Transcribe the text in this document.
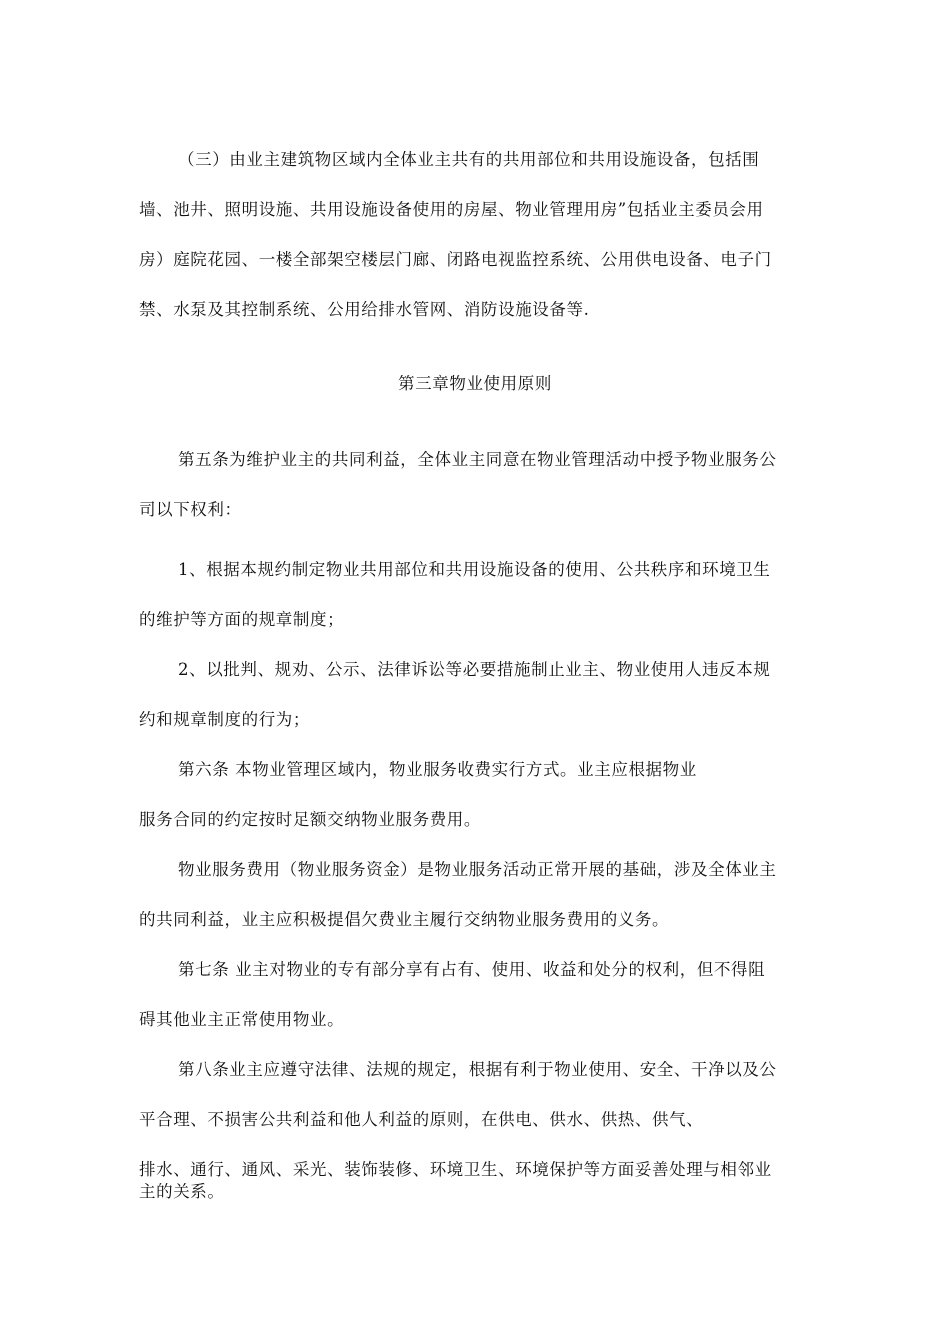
（三）由业主建筑物区域内全体业主共有的共用部位和共用设施设备，包括围
墙、池井、照明设施、共用设施设备使用的房屋、物业管理用房”包括业主委员会用
房）庭院花园、一楼全部架空楼层门廊、闭路电视监控系统、公用供电设备、电子门
禁、水泵及其控制系统、公用给排水管网、消防设施设备等.
第三章物业使用原则
第五条为维护业主的共同利益，全体业主同意在物业管理活动中授予物业服务公
司以下权利：
1、根据本规约制定物业共用部位和共用设施设备的使用、公共秩序和环境卫生
的维护等方面的规章制度；
2、以批判、规劝、公示、法律诉讼等必要措施制止业主、物业使用人违反本规
约和规章制度的行为；
第六条 本物业管理区域内，物业服务收费实行方式。业主应根据物业
服务合同的约定按时足额交纳物业服务费用。
物业服务费用（物业服务资金）是物业服务活动正常开展的基础，涉及全体业主
的共同利益，业主应积极提倡欠费业主履行交纳物业服务费用的义务。
第七条 业主对物业的专有部分享有占有、使用、收益和处分的权利，但不得阻
碍其他业主正常使用物业。
第八条业主应遵守法律、法规的规定，根据有利于物业使用、安全、干净以及公
平合理、不损害公共利益和他人利益的原则，在供电、供水、供热、供气、
排水、通行、通风、采光、装饰装修、环境卫生、环境保护等方面妥善处理与相邻业
主的关系。
